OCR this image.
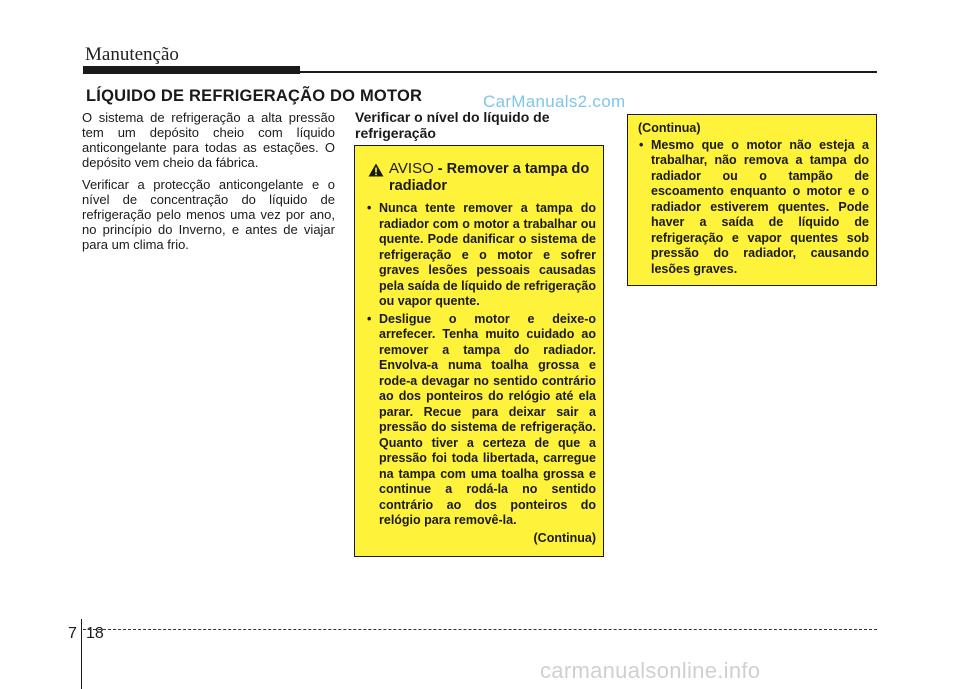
Manutenção
LÍQUIDO DE REFRIGERAÇÃO DO MOTOR	CarManuals2.com

O sistema de refrigeração a alta pressão tem um depósito cheio com líquido anticongelante para todas as estações. O depósito vem cheio da fábrica.

Verificar a protecção anticongelante e o nível de concentração do líquido de refrigeração pelo menos uma vez por ano, no princípio do Inverno, e antes de viajar para um clima frio.

Verificar o nível do líquido de refrigeração
AVISO - Remover a tampa do radiador
• Nunca tente remover a tampa do radiador com o motor a trabalhar ou quente. Pode danificar o sistema de refrigeração e o motor e sofrer graves lesões pessoais causadas pela saída de líquido de refrigeração ou vapor quente.
• Desligue o motor e deixe-o arrefecer. Tenha muito cuidado ao remover a tampa do radiador. Envolva-a numa toalha grossa e rode-a devagar no sentido contrário ao dos ponteiros do relógio até ela parar. Recue para deixar sair a pressão do sistema de refrigeração. Quanto tiver a certeza de que a pressão foi toda libertada, carregue na tampa com uma toalha grossa e continue a rodá-la no sentido contrário ao dos ponteiros do relógio para removê-la.
(Continua)
(Continua)
• Mesmo que o motor não esteja a trabalhar, não remova a tampa do radiador ou o tampão de escoamento enquanto o motor e o radiador estiverem quentes. Pode haver a saída de líquido de refrigeração e vapor quentes sob pressão do radiador, causando lesões graves.
7 18
carmanualsonline.info
